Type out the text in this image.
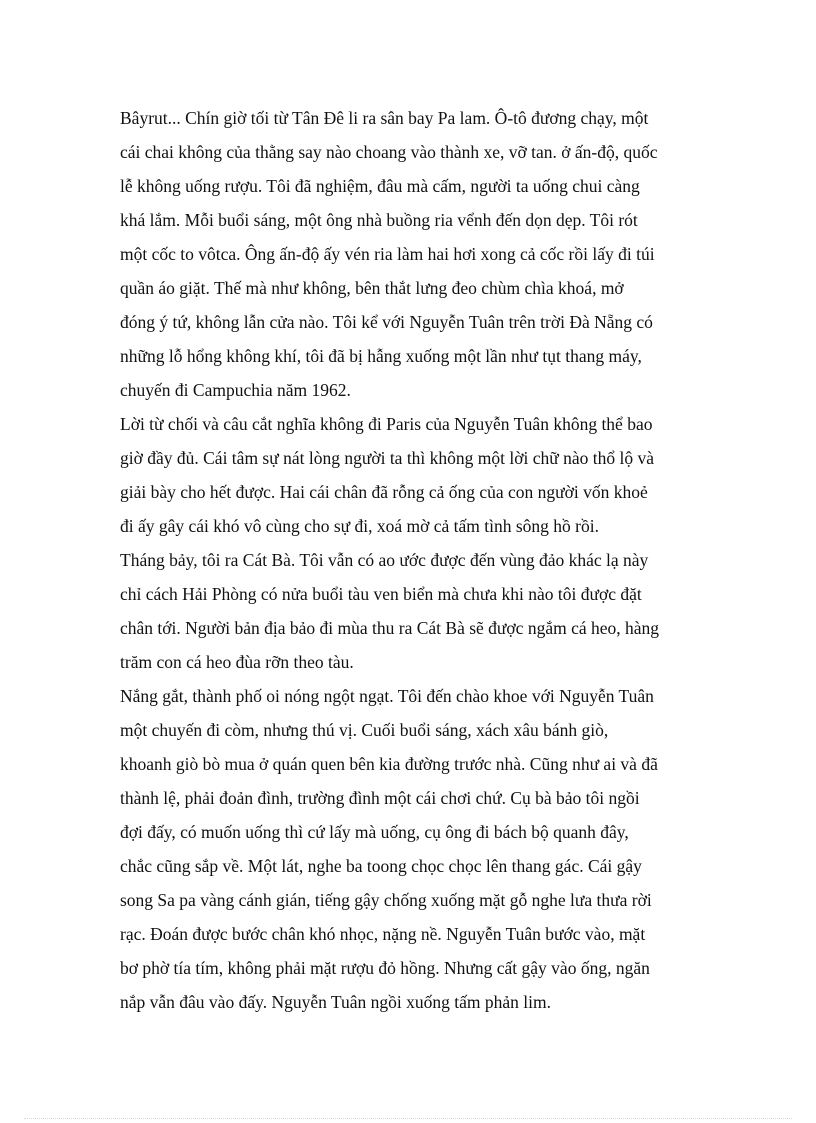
Bâyrut... Chín giờ tối từ Tân Đê li ra sân bay Pa lam. Ô-tô đương chạy, một
cái chai không của thằng say nào choang vào thành xe, vỡ tan. ở ấn-độ, quốc
lễ không uống rượu. Tôi đã nghiệm, đâu mà cấm, người ta uống chui càng
khá lắm. Mỗi buổi sáng, một ông nhà buồng ria vểnh đến dọn dẹp. Tôi rót
một cốc to vôtca. Ông ấn-độ ấy vén ria làm hai hơi xong cả cốc rồi lấy đi túi
quần áo giặt. Thế mà như không, bên thắt lưng đeo chùm chìa khoá, mở
đóng ý tứ, không lẫn cửa nào. Tôi kể với Nguyễn Tuân trên trời Đà Nẵng có
những lỗ hổng không khí, tôi đã bị hẫng xuống một lần như tụt thang máy,
chuyến đi Campuchia năm 1962.
Lời từ chối và câu cắt nghĩa không đi Paris của Nguyễn Tuân không thể bao
giờ đầy đủ. Cái tâm sự nát lòng người ta thì không một lời chữ nào thổ lộ và
giải bày cho hết được. Hai cái chân đã rỗng cả ống của con người vốn khoẻ
đi ấy gây cái khó vô cùng cho sự đi, xoá mờ cả tấm tình sông hồ rồi.
Tháng bảy, tôi ra Cát Bà. Tôi vẫn có ao ước được đến vùng đảo khác lạ này
chỉ cách Hải Phòng có nửa buổi tàu ven biển mà chưa khi nào tôi được đặt
chân tới. Người bản địa bảo đi mùa thu ra Cát Bà sẽ được ngắm cá heo, hàng
trăm con cá heo đùa rỡn theo tàu.
Nắng gắt, thành phố oi nóng ngột ngạt. Tôi đến chào khoe với Nguyễn Tuân
một chuyến đi còm, nhưng thú vị. Cuối buổi sáng, xách xâu bánh giò,
khoanh giò bò mua ở quán quen bên kia đường trước nhà. Cũng như ai và đã
thành lệ, phải đoản đình, trường đình một cái chơi chứ. Cụ bà bảo tôi ngồi
đợi đấy, có muốn uống thì cứ lấy mà uống, cụ ông đi bách bộ quanh đây,
chắc cũng sắp về. Một lát, nghe ba toong chọc chọc lên thang gác. Cái gậy
song Sa pa vàng cánh gián, tiếng gậy chống xuống mặt gỗ nghe lưa thưa rời
rạc. Đoán được bước chân khó nhọc, nặng nề. Nguyễn Tuân bước vào, mặt
bơ phờ tía tím, không phải mặt rượu đỏ hồng. Nhưng cất gậy vào ống, ngăn
nắp vẫn đâu vào đấy. Nguyễn Tuân ngồi xuống tấm phản lim.
